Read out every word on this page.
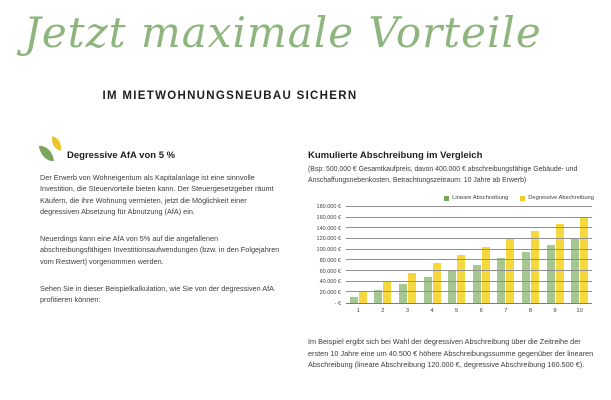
Jetzt maximale Vorteile
IM MIETWOHNUNGSNEUBAU SICHERN
Degressive AfA von 5 %

Der Erwerb von Wohneigentum als Kapitalanlage ist eine sinnvolle Investition, die Steuervorteile bieten kann. Der Steuergesetzgeber räumt Käufern, die ihre Wohnung vermieten, jetzt die Möglichkeit einer degressiven Absetzung für Abnutzung (AfA) ein.

Neuerdings kann eine AfA von 5% auf die angefallenen abschreibungsfähigen Investitionsaufwendungen (bzw. in den Folgejahren vom Restwert) vorgenommen werden.

Sehen Sie in dieser Beispielkalkulation, wie Sie von der degressiven AfA profitieren können:

Kumulierte Abschreibung im Vergleich
(Bsp: 500.000 € Gesamtkaufpreis, davon 400.000 € abschreibungsfähige Gebäude- und Anschaffungsnebenkosten, Betrachtungszeitraum: 10 Jahre ab Erwerb)
Lineare Abschreibung	Degressive Abschreibung
- €
20.000 €
40.000 €
60.000 €
80.000 €
100.000 €
120.000 €
140.000 €
160.000 €
180.000 €
1	2	3	4	5	6	7	8	9	10

Im Beispiel ergibt sich bei Wahl der degressiven Abschreibung über die Zeitreihe der ersten 10 Jahre eine um 40.500 € höhere Abschreibungssumme gegenüber der linearen Abschreibung (lineare Abschreibung 120.000 €, degressive Abschreibung 160.500 €).
